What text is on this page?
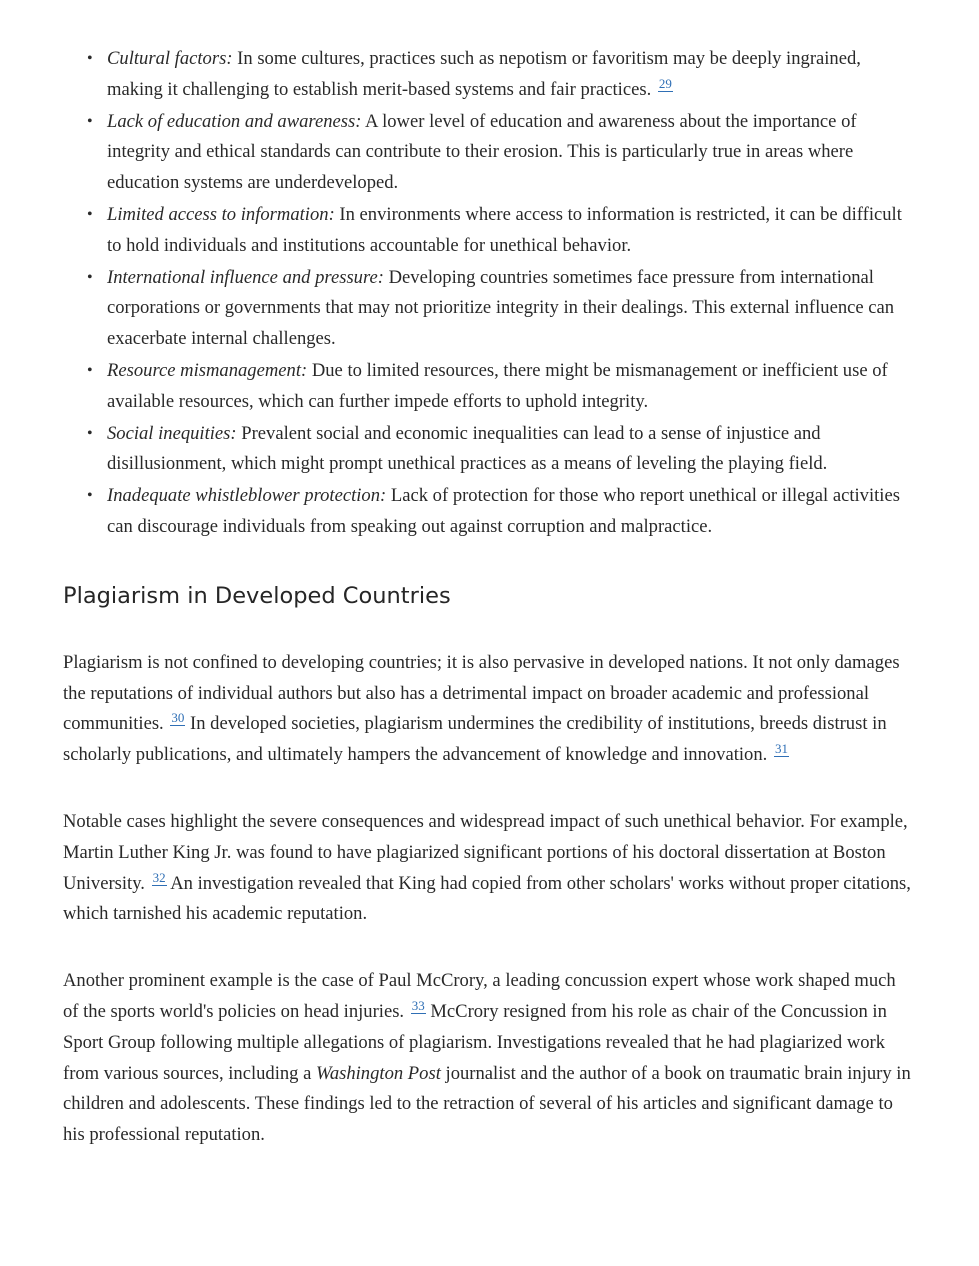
• Cultural factors: In some cultures, practices such as nepotism or favoritism may be deeply ingrained, making it challenging to establish merit-based systems and fair practices. $^{29}$
• Lack of education and awareness: A lower level of education and awareness about the importance of integrity and ethical standards can contribute to their erosion. This is particularly true in areas where education systems are underdeveloped.
• Limited access to information: In environments where access to information is restricted, it can be difficult to hold individuals and institutions accountable for unethical behavior.
• International influence and pressure: Developing countries sometimes face pressure from international corporations or governments that may not prioritize integrity in their dealings. This external influence can exacerbate internal challenges.
• Resource mismanagement: Due to limited resources, there might be mismanagement or inefficient use of available resources, which can further impede efforts to uphold integrity.
• Social inequities: Prevalent social and economic inequalities can lead to a sense of injustice and disillusionment, which might prompt unethical practices as a means of leveling the playing field.
• Inadequate whistleblower protection: Lack of protection for those who report unethical or illegal activities can discourage individuals from speaking out against corruption and malpractice.
Plagiarism in Developed Countries

Plagiarism is not confined to developing countries; it is also pervasive in developed nations. It not only damages the reputations of individual authors but also has a detrimental impact on broader academic and professional communities. $^{30}$ In developed societies, plagiarism undermines the credibility of institutions, breeds distrust in scholarly publications, and ultimately hampers the advancement of knowledge and innovation. $^{31}$

Notable cases highlight the severe consequences and widespread impact of such unethical behavior. For example, Martin Luther King Jr. was found to have plagiarized significant portions of his doctoral dissertation at Boston University. $^{32}$ An investigation revealed that King had copied from other scholars' works without proper citations, which tarnished his academic reputation.

Another prominent example is the case of Paul McCrory, a leading concussion expert whose work shaped much of the sports world's policies on head injuries. $^{33}$ McCrory resigned from his role as chair of the Concussion in Sport Group following multiple allegations of plagiarism. Investigations revealed that he had plagiarized work from various sources, including a Washington Post journalist and the author of a book on traumatic brain injury in children and adolescents. These findings led to the retraction of several of his articles and significant damage to his professional reputation.
